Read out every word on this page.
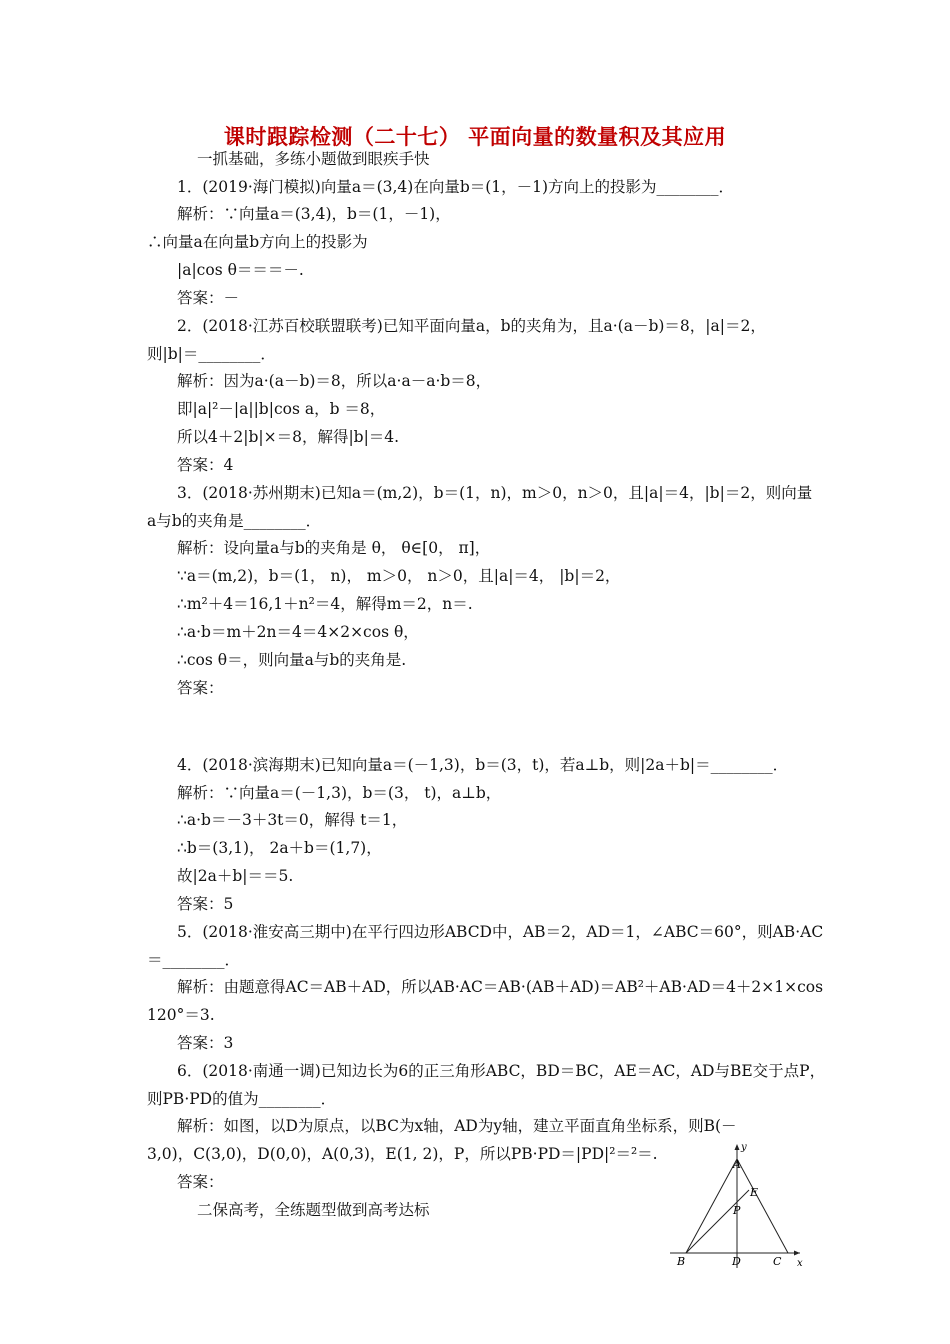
课时跟踪检测（二十七） 平面向量的数量积及其应用
一抓基础，多练小题做到眼疾手快
1．(2019·海门模拟)向量a＝(3,4)在向量b＝(1，－1)方向上的投影为________．
解析：∵向量a＝(3,4)，b＝(1，－1)，
∴向量a在向量b方向上的投影为
|a|cos θ＝＝＝－.
答案：－
2．(2018·江苏百校联盟联考)已知平面向量a，b的夹角为，且a·(a－b)＝8，|a|＝2，
则|b|＝________．
解析：因为a·(a－b)＝8，所以a·a－a·b＝8，
即|a|²－|a||b|cos a，b ＝8，
所以4＋2|b|×＝8，解得|b|＝4.
答案：4
3．(2018·苏州期末)已知a＝(m,2)，b＝(1，n)，m＞0，n＞0，且|a|＝4，|b|＝2，则向量
a与b的夹角是________．
解析：设向量a与b的夹角是 θ， θ∈[0， π]，
∵a＝(m,2)，b＝(1， n)， m＞0， n＞0，且|a|＝4， |b|＝2，
∴m²＋4＝16,1＋n²＝4，解得m＝2，n＝.
∴a·b＝m＋2n＝4＝4×2×cos θ，
∴cos θ＝，则向量a与b的夹角是.
答案：
4．(2018·滨海期末)已知向量a＝(－1,3)，b＝(3，t)，若a⊥b，则|2a＋b|＝________．
解析：∵向量a＝(－1,3)，b＝(3， t)，a⊥b，
∴a·b＝－3＋3t＝0，解得 t＝1，
∴b＝(3,1)， 2a＋b＝(1,7)，
故|2a＋b|＝＝5.
答案：5
5．(2018·淮安高三期中)在平行四边形ABCD中，AB＝2，AD＝1，∠ABC＝60°，则AB·AC
＝________．
解析：由题意得AC＝AB＋AD，所以AB·AC＝AB·(AB＋AD)＝AB²＋AB·AD＝4＋2×1×cos
120°＝3.
答案：3
6．(2018·南通一调)已知边长为6的正三角形ABC，BD＝BC，AE＝AC，AD与BE交于点P，
则PB·PD的值为________．
解析：如图，以D为原点，以BC为x轴，AD为y轴，建立平面直角坐标系，则B(－
3,0)，C(3,0)，D(0,0)，A(0,3)，E(1, 2)，P，所以PB·PD＝|PD|²＝²＝.
答案：
二保高考，全练题型做到高考达标
y
x
A
E
P
B	D	C
